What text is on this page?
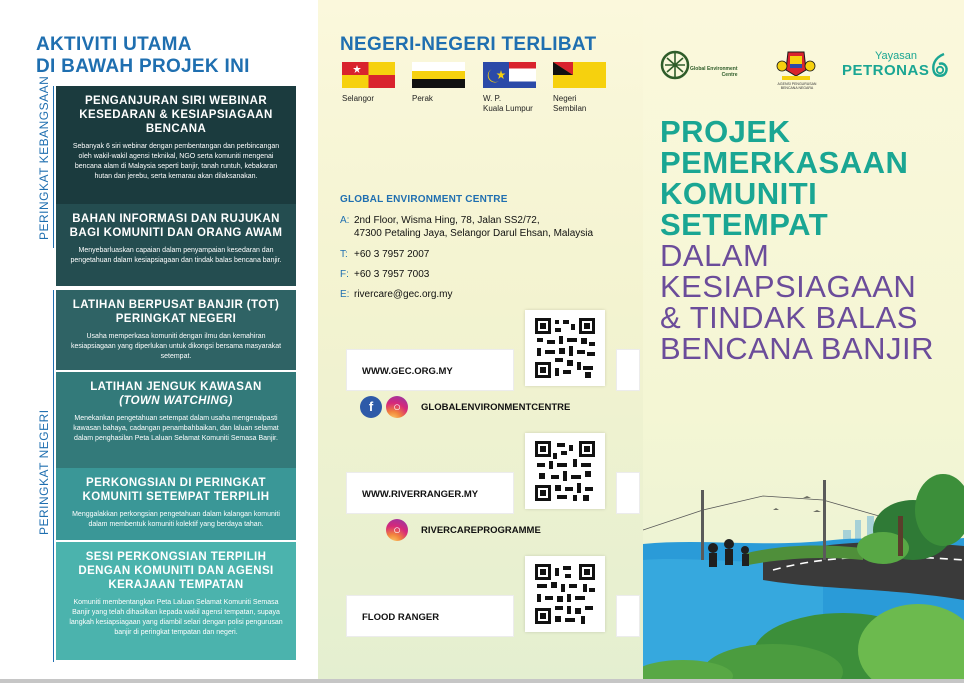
AKTIVITI UTAMA
DI BAWAH PROJEK INI
PERINGKAT KEBANGSAAN
PERINGKAT NEGERI
PENGANJURAN SIRI WEBINAR KESEDARAN & KESIAPSIAGAAN BENCANA

Sebanyak 6 siri webinar dengan pembentangan dan perbincangan oleh wakil-wakil agensi teknikal, NGO serta komuniti mengenai bencana alam di Malaysia seperti banjir, tanah runtuh, kebakaran hutan dan jerebu, serta kemarau akan dilaksanakan.

BAHAN INFORMASI DAN RUJUKAN BAGI KOMUNITI DAN ORANG AWAM

Menyebarluaskan capaian dalam penyampaian kesedaran dan pengetahuan dalam kesiapsiagaan dan tindak balas bencana banjir.

LATIHAN BERPUSAT BANJIR (TOT) PERINGKAT NEGERI

Usaha memperkasa komuniti dengan ilmu dan kemahiran kesiapsiagaan yang diperlukan untuk dikongsi bersama masyarakat setempat.

LATIHAN JENGUK KAWASAN
(TOWN WATCHING)

Menekankan pengetahuan setempat dalam usaha mengenalpasti kawasan bahaya, cadangan penambahbaikan, dan laluan selamat dalam penghasilan Peta Laluan Selamat Komuniti Semasa Banjir.

PERKONGSIAN DI PERINGKAT KOMUNITI SETEMPAT TERPILIH

Menggalakkan perkongsian pengetahuan dalam kalangan komuniti dalam membentuk komuniti kolektif yang berdaya tahan.

SESI PERKONGSIAN TERPILIH DENGAN KOMUNITI DAN AGENSI KERAJAAN TEMPATAN

Komuniti membentangkan Peta Laluan Selamat Komuniti Semasa Banjir yang telah dihasilkan kepada wakil agensi tempatan, supaya langkah kesiapsiagaan yang diambil selari dengan polisi pengurusan banjir di peringkat tempatan dan negeri.

NEGERI-NEGERI TERLIBAT
Selangor	Perak	W. P.
Kuala Lumpur
Negeri
Sembilan
GLOBAL ENVIRONMENT CENTRE
A: 2nd Floor, Wisma Hing, 78, Jalan SS2/72,
47300 Petaling Jaya, Selangor Darul Ehsan, Malaysia
T: +60 3 7957 2007
F: +60 3 7957 7003
E: rivercare@gec.org.my
WWW.GEC.ORG.MY
f	○	GLOBALENVIRONMENTCENTRE
WWW.RIVERRANGER.MY
○	RIVERCAREPROGRAMME
FLOOD RANGER
Global Environment
Centre
AGENSI PENGURUSAN BENCANA NEGARA
Yayasan
PETRONAS
PROJEK
PEMERKASAAN
KOMUNITI
SETEMPAT
DALAM
KESIAPSIAGAAN
& TINDAK BALAS
BENCANA BANJIR
